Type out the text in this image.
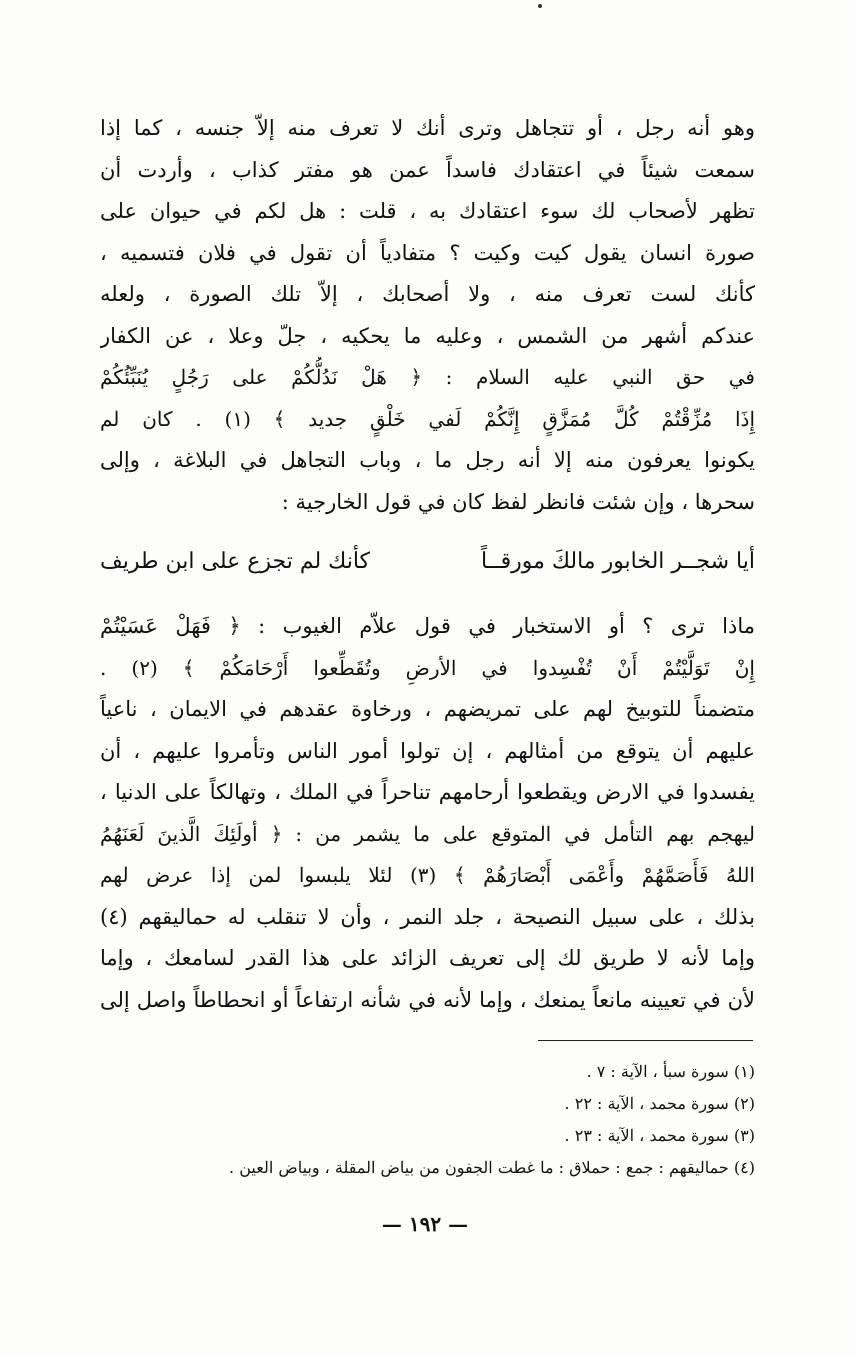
وهو أنه رجل ، أو تتجاهل وترى أنك لا تعرف منه إلاّ جنسه ، كما إذا
سمعت شيئاً في اعتقادك فاسداً عمن هو مفتر كذاب ، وأردت أن
تظهر لأصحاب لك سوء اعتقادك به ، قلت : هل لكم في حيوان على
صورة انسان يقول كيت وكيت ؟ متفادياً أن تقول في فلان فتسميه ،
كأنك لست تعرف منه ، ولا أصحابك ، إلاّ تلك الصورة ، ولعله
عندكم أشهر من الشمس ، وعليه ما يحكيه ، جلّ وعلا ، عن الكفار
في حق النبي عليه السلام : ﴿ هَلْ نَدُلُّكُمْ على رَجُلٍ يُنَبِّئُكُمْ
إِذَا مُزِّقْتُمْ كُلَّ مُمَزَّقٍ إِنَّكُمْ لَفي خَلْقٍ جديد ﴾ (١) . كان لم
يكونوا يعرفون منه إلا أنه رجل ما ، وباب التجاهل في البلاغة ، وإلى
سحرها ، وإن شئت فانظر لفظ كان في قول الخارجية :
أيا شجــر الخابور مالكَ مورقــاً
كأنك لم تجزع على ابن طريف
ماذا ترى ؟ أو الاستخبار في قول علاّم الغيوب : ﴿ فَهَلْ عَسَيْتُمْ
إِنْ تَوَلَّيْتُمْ أَنْ تُفْسِدوا في الأرضِ وتُقَطِّعوا أَرْحَامَكُمْ ﴾ (٢) .
متضمناً للتوبيخ لهم على تمريضهم ، ورخاوة عقدهم في الايمان ، ناعياً
عليهم أن يتوقع من أمثالهم ، إن تولوا أمور الناس وتأمروا عليهم ، أن
يفسدوا في الارض ويقطعوا أرحامهم تناحراً في الملك ، وتهالكاً على الدنيا ،
ليهجم بهم التأمل في المتوقع على ما يشمر من : ﴿ أولَئِكَ الَّذينَ لَعَنَهُمُ
اللهُ فَأَصَمَّهُمْ وأَعْمَى أَبْصَارَهُمْ ﴾ (٣) لئلا يلبسوا لمن إذا عرض لهم
بذلك ، على سبيل النصيحة ، جلد النمر ، وأن لا تنقلب له حماليقهم (٤)
وإما لأنه لا طريق لك إلى تعريف الزائد على هذا القدر لسامعك ، وإما
لأن في تعيينه مانعاً يمنعك ، وإما لأنه في شأنه ارتفاعاً أو انحطاطاً واصل إلى
(١) سورة سبأ ، الآية : ٧ .
(٢) سورة محمد ، الآية : ٢٢ .
(٣) سورة محمد ، الآية : ٢٣ .
(٤) حماليقهم : جمع : حملاق : ما غطت الجفون من بياض المقلة ، وبياض العين .
— ١٩٢ —
